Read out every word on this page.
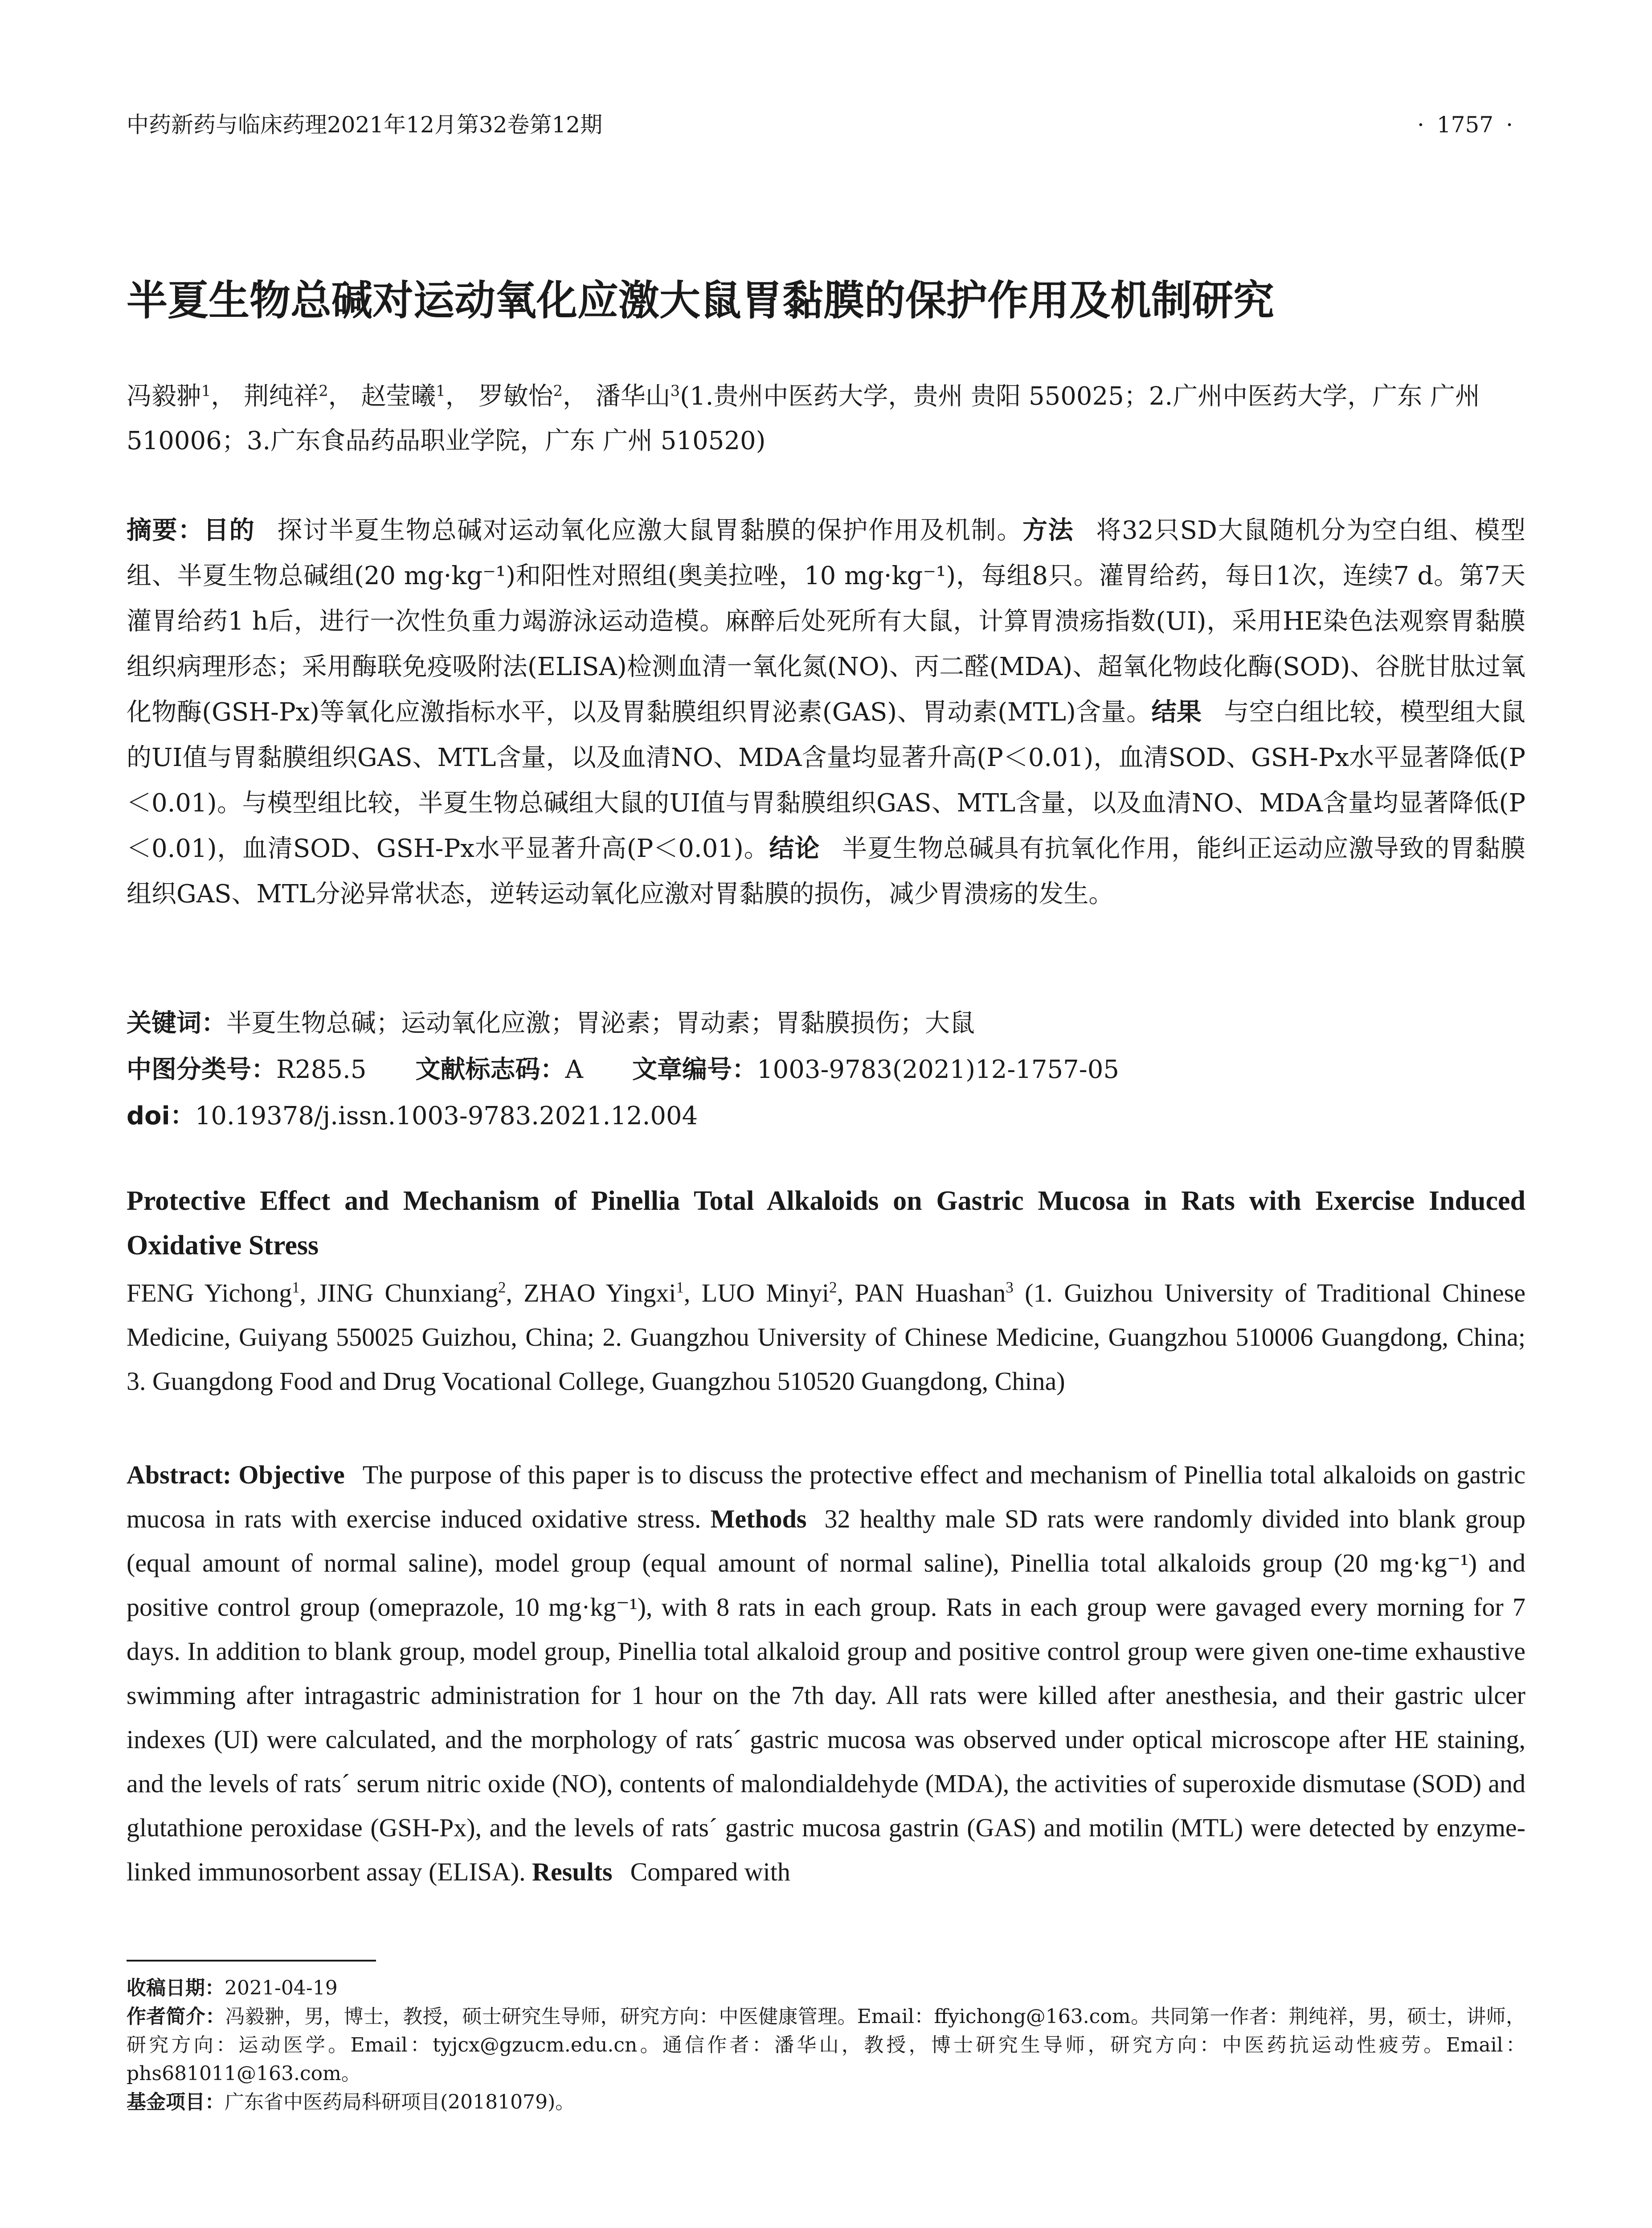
中药新药与临床药理2021年12月第32卷第12期	· 1757 ·
半夏生物总碱对运动氧化应激大鼠胃黏膜的保护作用及机制研究
冯毅翀$^1$， 荆纯祥$^2$， 赵莹曦$^1$， 罗敏怡$^2$， 潘华山$^3$(1.贵州中医药大学，贵州 贵阳 550025；2.广州中医药大学，广东 广州 510006；3.广东食品药品职业学院，广东 广州 510520)
摘要：目的 探讨半夏生物总碱对运动氧化应激大鼠胃黏膜的保护作用及机制。方法 将32只SD大鼠随机分为空白组、模型组、半夏生物总碱组(20 mg·kg⁻¹)和阳性对照组(奥美拉唑，10 mg·kg⁻¹)，每组8只。灌胃给药，每日1次，连续7 d。第7天灌胃给药1 h后，进行一次性负重力竭游泳运动造模。麻醉后处死所有大鼠，计算胃溃疡指数(UI)，采用HE染色法观察胃黏膜组织病理形态；采用酶联免疫吸附法(ELISA)检测血清一氧化氮(NO)、丙二醛(MDA)、超氧化物歧化酶(SOD)、谷胱甘肽过氧化物酶(GSH-Px)等氧化应激指标水平，以及胃黏膜组织胃泌素(GAS)、胃动素(MTL)含量。结果 与空白组比较，模型组大鼠的UI值与胃黏膜组织GAS、MTL含量，以及血清NO、MDA含量均显著升高(P＜0.01)，血清SOD、GSH-Px水平显著降低(P＜0.01)。与模型组比较，半夏生物总碱组大鼠的UI值与胃黏膜组织GAS、MTL含量，以及血清NO、MDA含量均显著降低(P＜0.01)，血清SOD、GSH-Px水平显著升高(P＜0.01)。结论 半夏生物总碱具有抗氧化作用，能纠正运动应激导致的胃黏膜组织GAS、MTL分泌异常状态，逆转运动氧化应激对胃黏膜的损伤，减少胃溃疡的发生。
关键词：半夏生物总碱；运动氧化应激；胃泌素；胃动素；胃黏膜损伤；大鼠
中图分类号：R285.5 文献标志码：A 文章编号：1003-9783(2021)12-1757-05
doi：10.19378/j.issn.1003-9783.2021.12.004
Protective Effect and Mechanism of Pinellia Total Alkaloids on Gastric Mucosa in Rats with Exercise Induced Oxidative Stress
FENG Yichong$^1$, JING Chunxiang$^2$, ZHAO Yingxi$^1$, LUO Minyi$^2$, PAN Huashan$^3$ (1. Guizhou University of Traditional Chinese Medicine, Guiyang 550025 Guizhou, China; 2. Guangzhou University of Chinese Medicine, Guangzhou 510006 Guangdong, China; 3. Guangdong Food and Drug Vocational College, Guangzhou 510520 Guangdong, China)
Abstract: Objective The purpose of this paper is to discuss the protective effect and mechanism of Pinellia total alkaloids on gastric mucosa in rats with exercise induced oxidative stress. Methods 32 healthy male SD rats were randomly divided into blank group (equal amount of normal saline), model group (equal amount of normal saline), Pinellia total alkaloids group (20 mg·kg⁻¹) and positive control group (omeprazole, 10 mg·kg⁻¹), with 8 rats in each group. Rats in each group were gavaged every morning for 7 days. In addition to blank group, model group, Pinellia total alkaloid group and positive control group were given one-time exhaustive swimming after intragastric administration for 1 hour on the 7th day. All rats were killed after anesthesia, and their gastric ulcer indexes (UI) were calculated, and the morphology of rats´ gastric mucosa was observed under optical microscope after HE staining, and the levels of rats´ serum nitric oxide (NO), contents of malondialdehyde (MDA), the activities of superoxide dismutase (SOD) and glutathione peroxidase (GSH-Px), and the levels of rats´ gastric mucosa gastrin (GAS) and motilin (MTL) were detected by enzyme-linked immunosorbent assay (ELISA). Results Compared with

收稿日期：2021-04-19

作者简介：冯毅翀，男，博士，教授，硕士研究生导师，研究方向：中医健康管理。Email：ffyichong@163.com。共同第一作者：荆纯祥，男，硕士，讲师，研究方向：运动医学。Email：tyjcx@gzucm.edu.cn。通信作者：潘华山，教授，博士研究生导师，研究方向：中医药抗运动性疲劳。Email：phs681011@163.com。

基金项目：广东省中医药局科研项目(20181079)。
